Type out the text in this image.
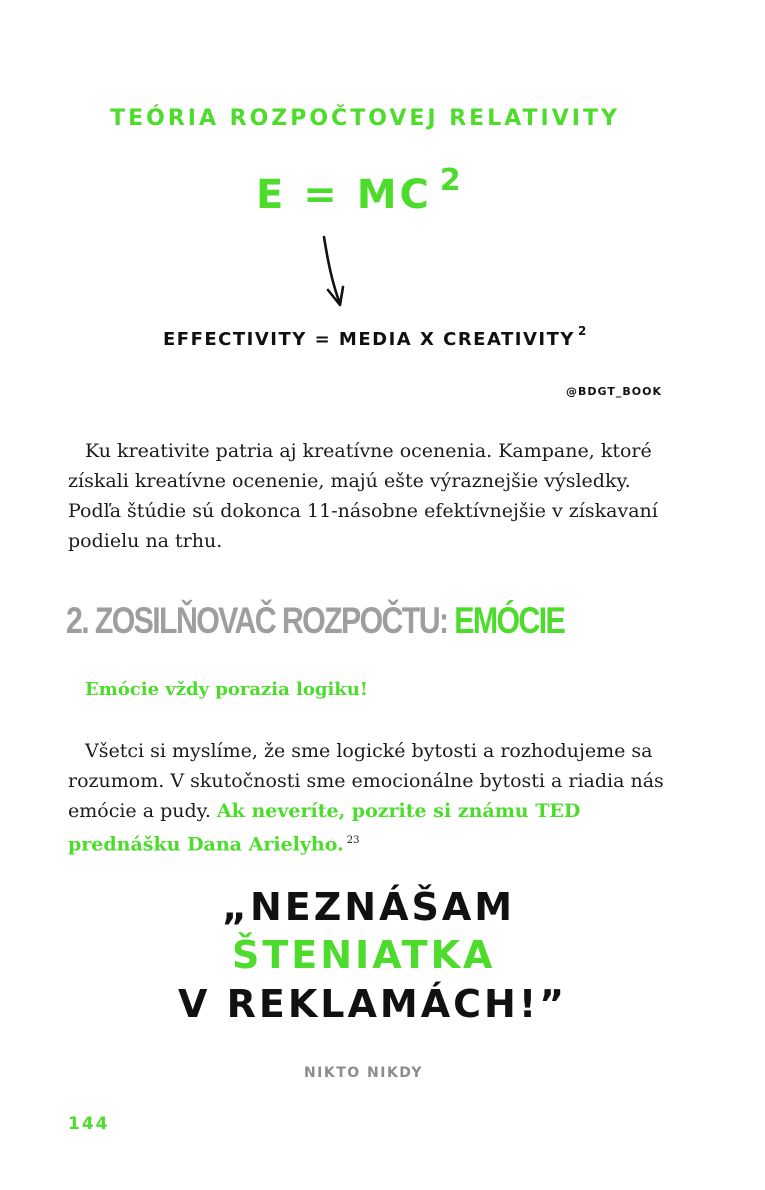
TEÓRIA ROZPOČTOVEJ RELATIVITY
E = MC $^2$
EFFECTIVITY = MEDIA X CREATIVITY $^2$
@BDGT_BOOK

Ku kreativite patria aj kreatívne ocenenia. Kampane, ktoré získali kreatívne ocenenie, majú ešte výraznejšie výsledky. Podľa štúdie sú dokonca 11-násobne efektívnejšie v získavaní podielu na trhu.

2. ZOSILŇOVAČ ROZPOČTU: EMÓCIE
Emócie vždy porazia logiku!

Všetci si myslíme, že sme logické bytosti a rozhodujeme sa rozumom. V skutočnosti sme emocionálne bytosti a riadia nás emócie a pudy. Ak neveríte, pozrite si známu TED prednášku Dana Arielyho. $^{23}$

„NEZNÁŠAM
ŠTENIATKA
V REKLAMÁCH!”
NIKTO NIKDY
144
